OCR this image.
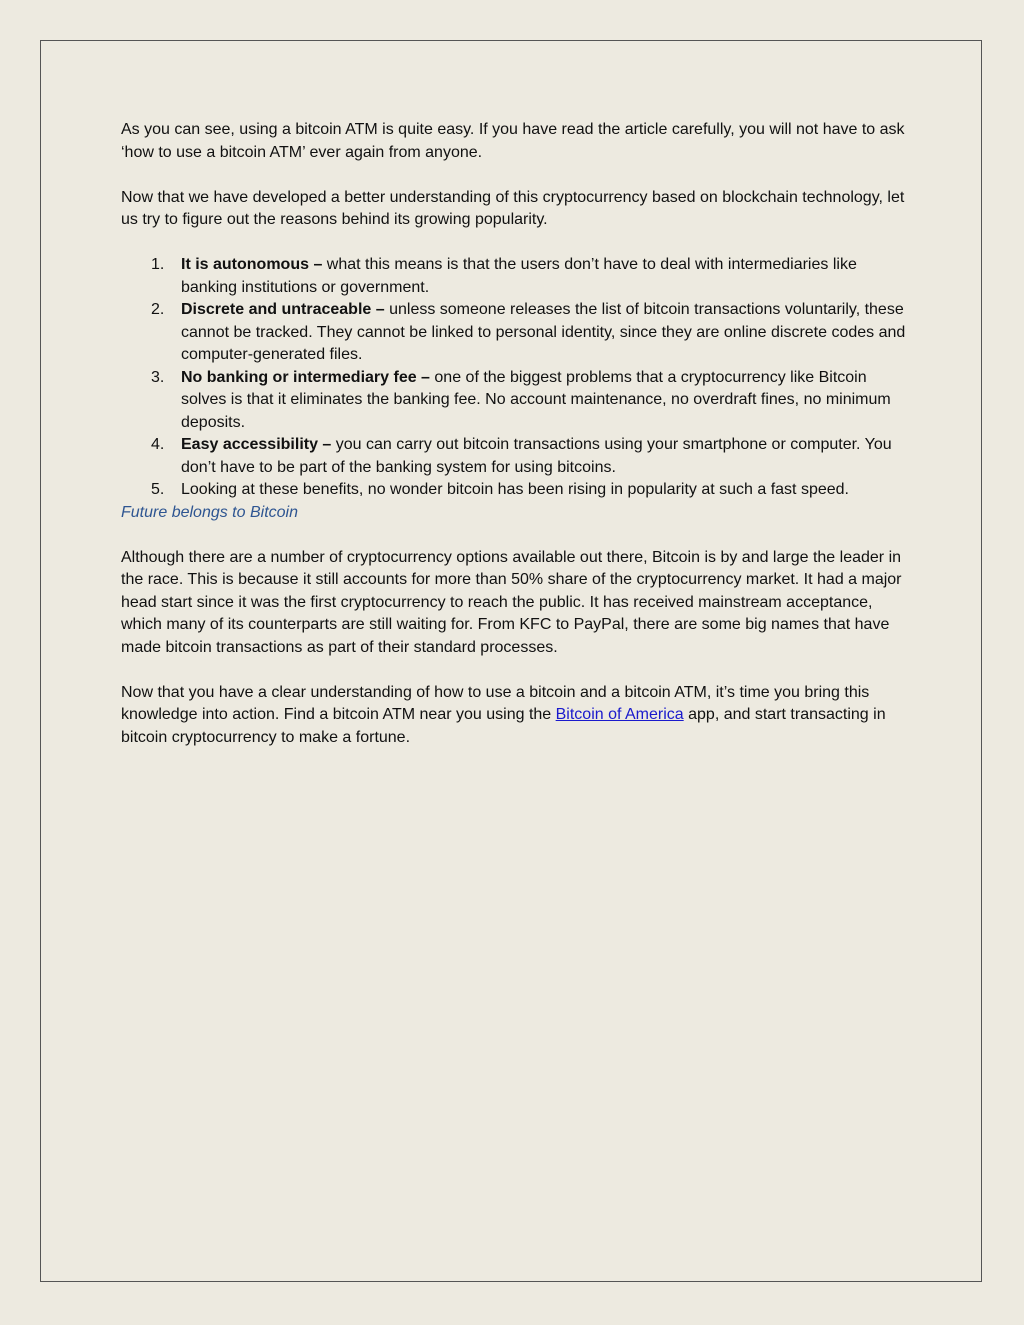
As you can see, using a bitcoin ATM is quite easy. If you have read the article carefully, you will not have to ask ‘how to use a bitcoin ATM’ ever again from anyone.

Now that we have developed a better understanding of this cryptocurrency based on blockchain technology, let us try to figure out the reasons behind its growing popularity.

1. It is autonomous – what this means is that the users don’t have to deal with intermediaries like banking institutions or government.
2. Discrete and untraceable – unless someone releases the list of bitcoin transactions voluntarily, these cannot be tracked. They cannot be linked to personal identity, since they are online discrete codes and computer-generated files.
3. No banking or intermediary fee – one of the biggest problems that a cryptocurrency like Bitcoin solves is that it eliminates the banking fee. No account maintenance, no overdraft fines, no minimum deposits.
4. Easy accessibility – you can carry out bitcoin transactions using your smartphone or computer. You don’t have to be part of the banking system for using bitcoins.
5. Looking at these benefits, no wonder bitcoin has been rising in popularity at such a fast speed.

Future belongs to Bitcoin

Although there are a number of cryptocurrency options available out there, Bitcoin is by and large the leader in the race. This is because it still accounts for more than 50% share of the cryptocurrency market. It had a major head start since it was the first cryptocurrency to reach the public. It has received mainstream acceptance, which many of its counterparts are still waiting for. From KFC to PayPal, there are some big names that have made bitcoin transactions as part of their standard processes.

Now that you have a clear understanding of how to use a bitcoin and a bitcoin ATM, it’s time you bring this knowledge into action. Find a bitcoin ATM near you using the Bitcoin of America app, and start transacting in bitcoin cryptocurrency to make a fortune.
